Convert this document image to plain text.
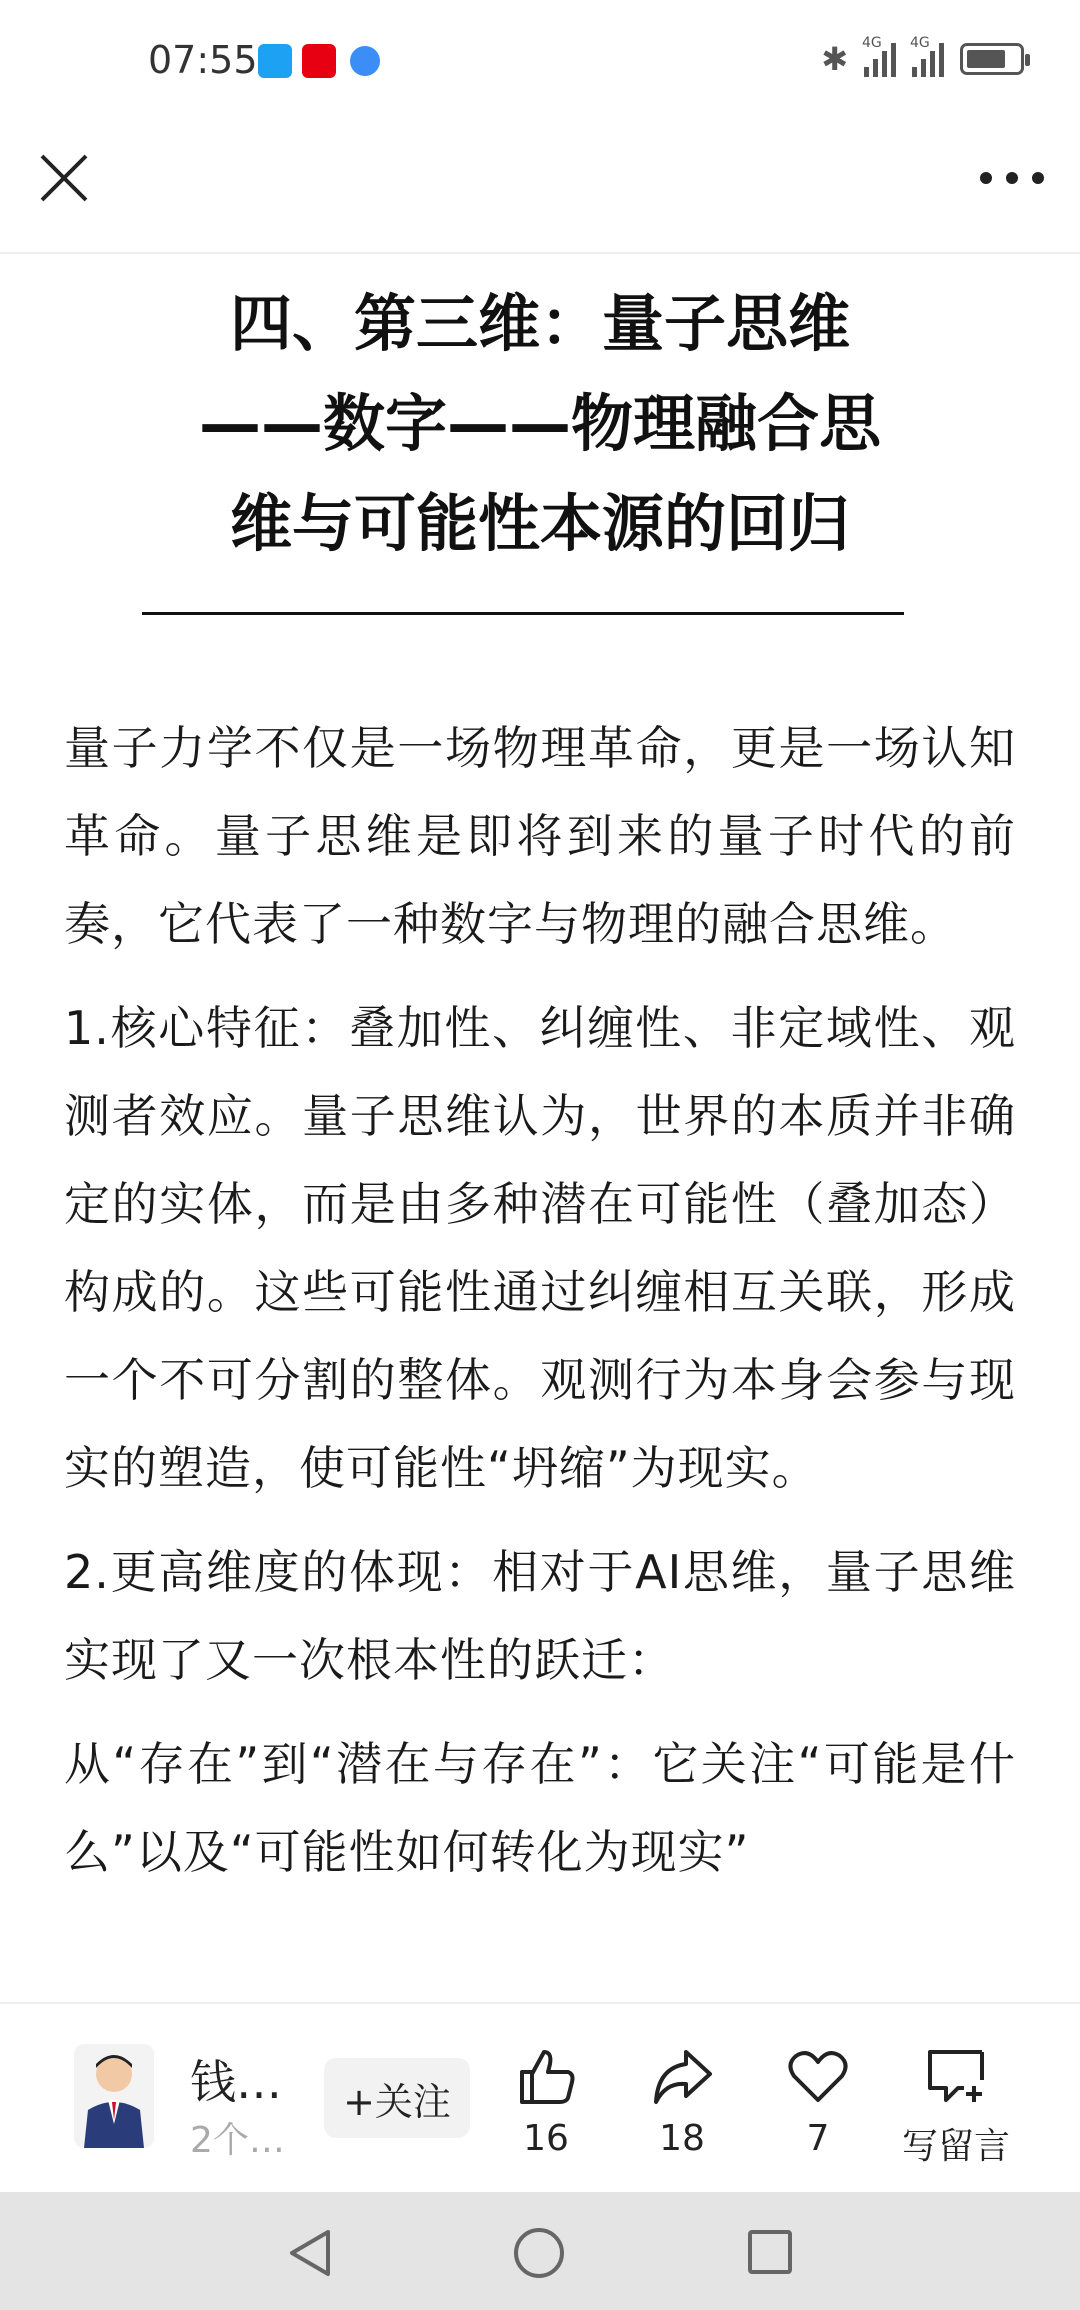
07:55	✱ 4G 4G
四、第三维：量子思维
——数字——物理融合思
维与可能性本源的回归

量子力学不仅是一场物理革命，更是一场认知革命。量子思维是即将到来的量子时代的前奏，它代表了一种数字与物理的融合思维。

1.核心特征：叠加性、纠缠性、非定域性、观测者效应。量子思维认为，世界的本质并非确定的实体，而是由多种潜在可能性（叠加态）构成的。这些可能性通过纠缠相互关联，形成一个不可分割的整体。观测行为本身会参与现实的塑造，使可能性“坍缩”为现实。

2.更高维度的体现：相对于AI思维，量子思维实现了又一次根本性的跃迁：

从“存在”到“潜在与存在”：它关注“可能是什么”以及“可能性如何转化为现实”

钱…
2个…
+关注
16	18	7	写留言
